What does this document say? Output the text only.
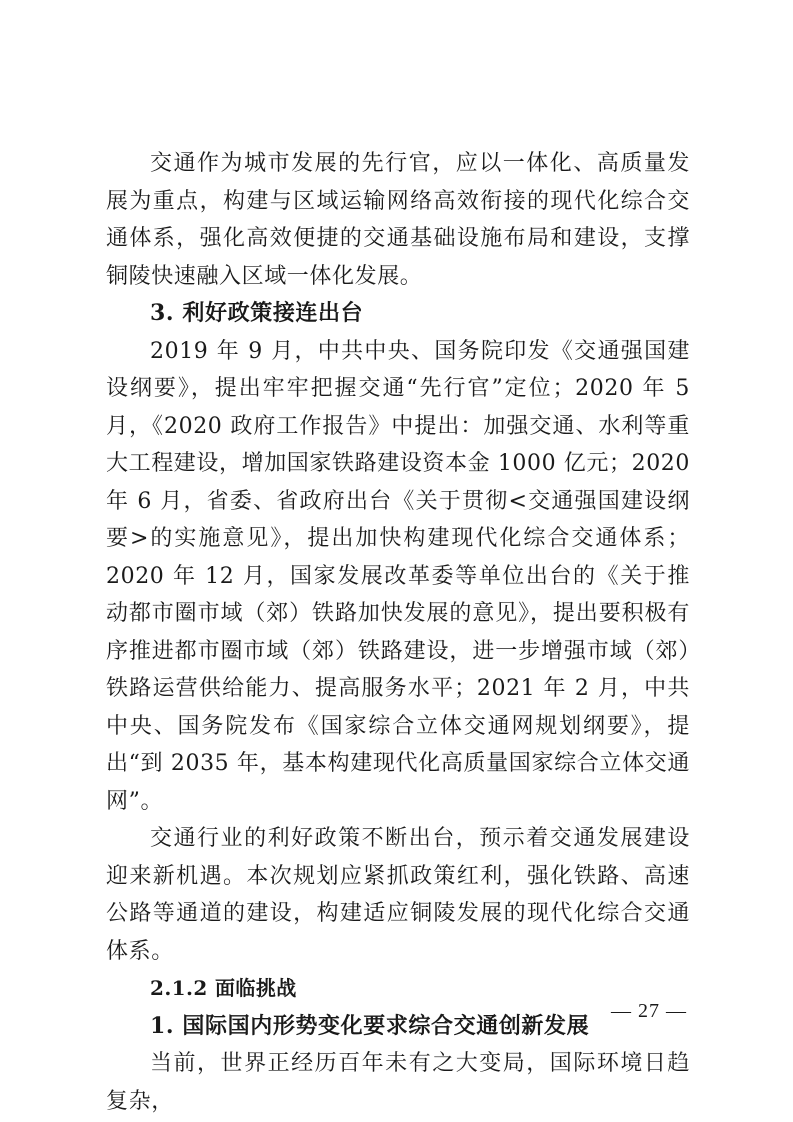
交通作为城市发展的先行官，应以一体化、高质量发展为重点，构建与区域运输网络高效衔接的现代化综合交通体系，强化高效便捷的交通基础设施布局和建设，支撑铜陵快速融入区域一体化发展。

3. 利好政策接连出台

2019 年 9 月，中共中央、国务院印发《交通强国建设纲要》，提出牢牢把握交通“先行官”定位；2020 年 5 月，《2020 政府工作报告》中提出：加强交通、水利等重大工程建设，增加国家铁路建设资本金 1000 亿元；2020 年 6 月，省委、省政府出台《关于贯彻<交通强国建设纲要>的实施意见》，提出加快构建现代化综合交通体系；2020 年 12 月，国家发展改革委等单位出台的《关于推动都市圈市域（郊）铁路加快发展的意见》，提出要积极有序推进都市圈市域（郊）铁路建设，进一步增强市域（郊）铁路运营供给能力、提高服务水平；2021 年 2 月，中共中央、国务院发布《国家综合立体交通网规划纲要》，提出“到 2035 年，基本构建现代化高质量国家综合立体交通网”。

交通行业的利好政策不断出台，预示着交通发展建设迎来新机遇。本次规划应紧抓政策红利，强化铁路、高速公路等通道的建设，构建适应铜陵发展的现代化综合交通体系。

2.1.2 面临挑战

1. 国际国内形势变化要求综合交通创新发展

当前，世界正经历百年未有之大变局，国际环境日趋复杂，

— 27 —
